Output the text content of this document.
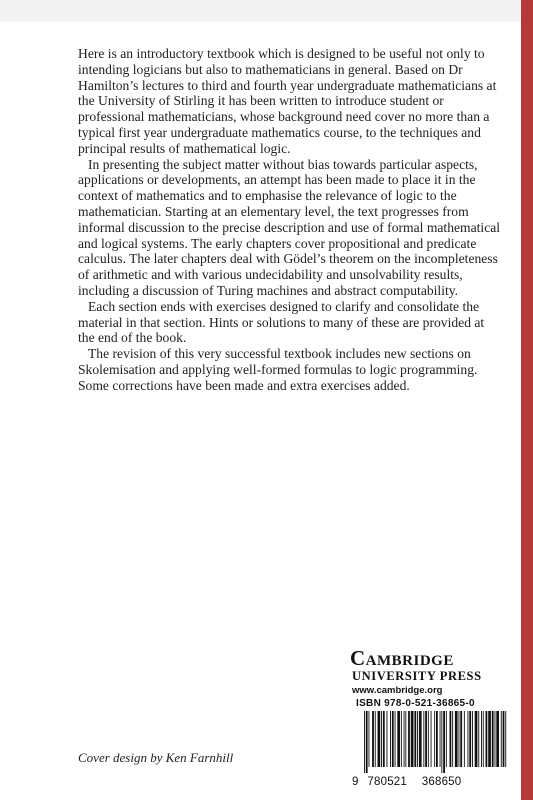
Here is an introductory textbook which is designed to be useful not only to intending logicians but also to mathematicians in general. Based on Dr Hamilton’s lectures to third and fourth year undergraduate mathematicians at the University of Stirling it has been written to introduce student or professional mathematicians, whose background need cover no more than a typical first year undergraduate mathematics course, to the techniques and principal results of mathematical logic.

In presenting the subject matter without bias towards particular aspects, applications or developments, an attempt has been made to place it in the context of mathematics and to emphasise the relevance of logic to the mathematician. Starting at an elementary level, the text progresses from informal discussion to the precise description and use of formal mathematical and logical systems. The early chapters cover propositional and predicate calculus. The later chapters deal with Gödel’s theorem on the incompleteness of arithmetic and with various undecidability and unsolvability results, including a discussion of Turing machines and abstract computability.

Each section ends with exercises designed to clarify and consolidate the material in that section. Hints or solutions to many of these are provided at the end of the book.

The revision of this very successful textbook includes new sections on Skolemisation and applying well-formed formulas to logic programming. Some corrections have been made and extra exercises added.

Cambridge
UNIVERSITY PRESS
www.cambridge.org
ISBN 978-0-521-36865-0
9 780521 368650
Cover design by Ken Farnhill
